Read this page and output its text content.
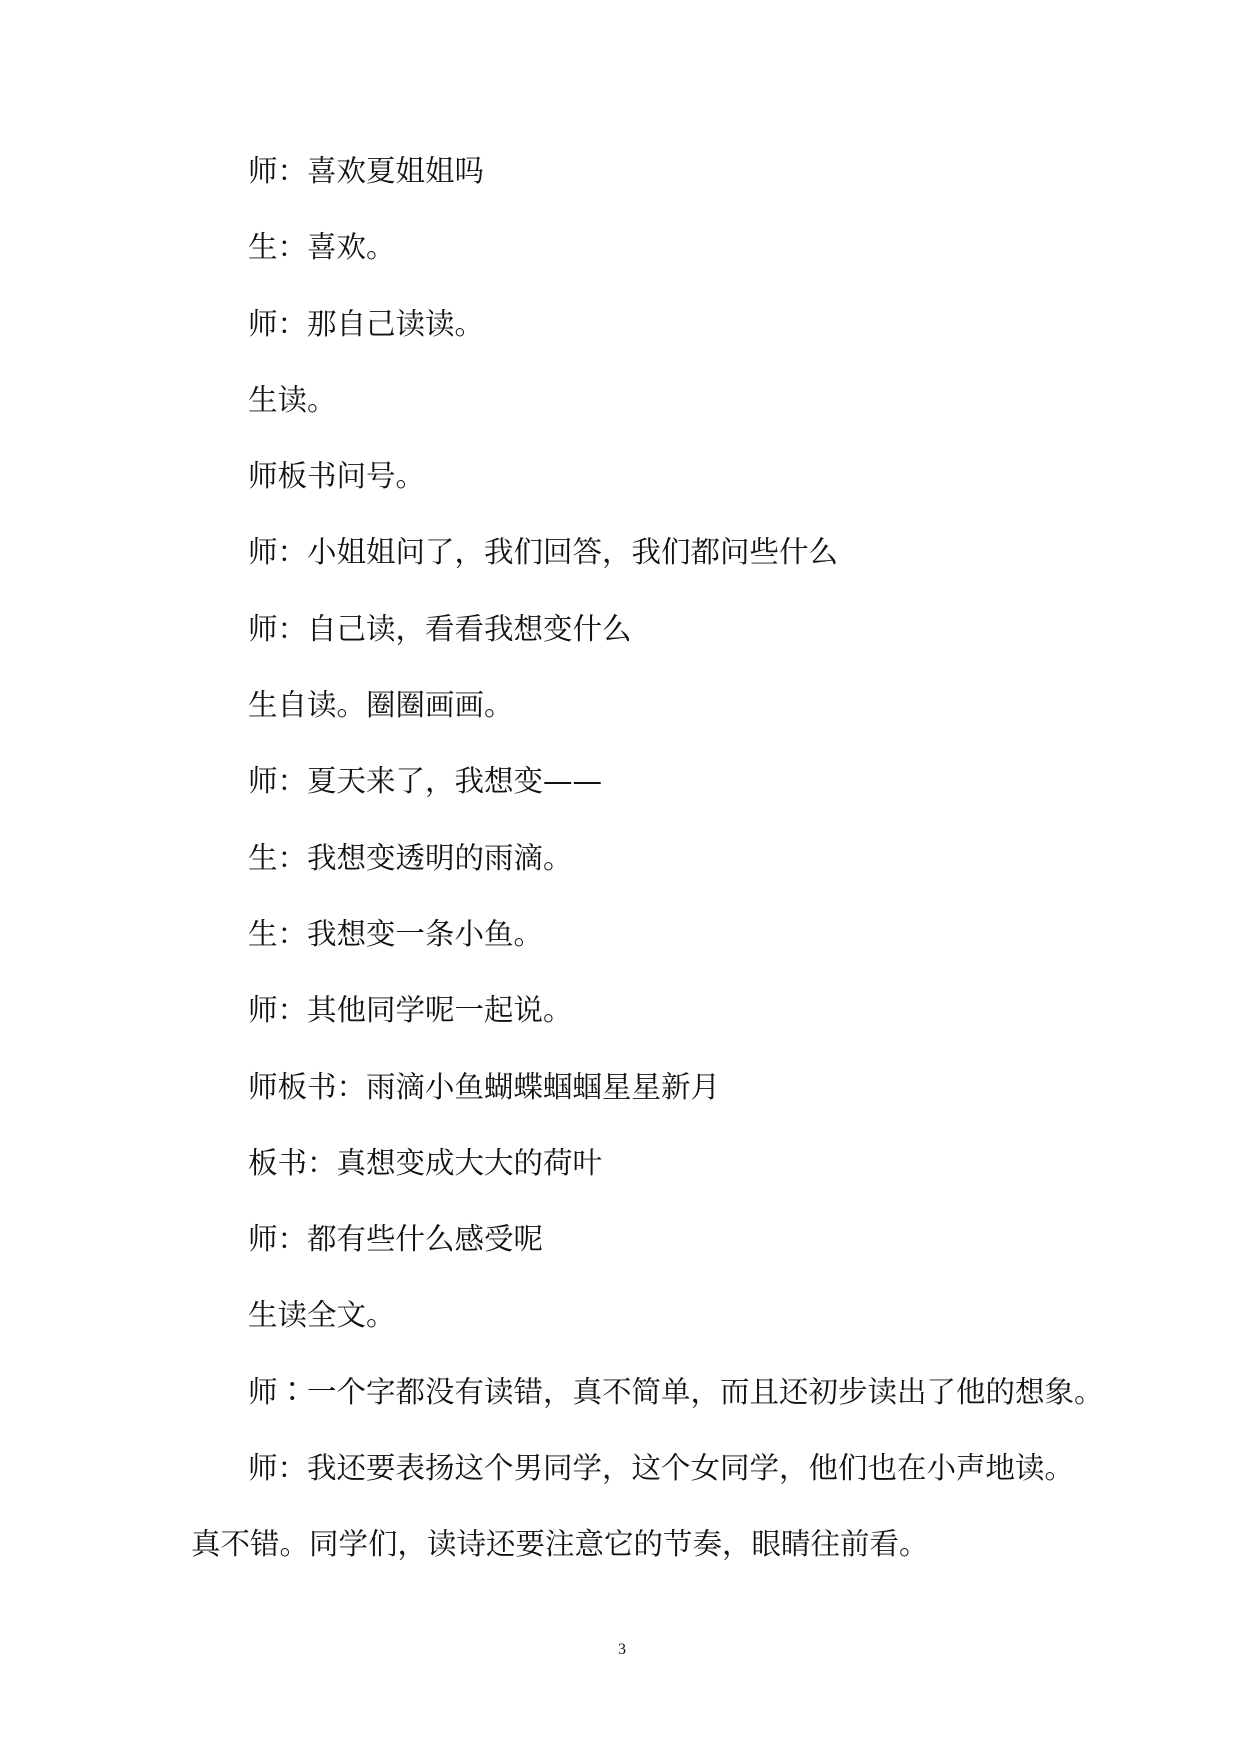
师：喜欢夏姐姐吗
生：喜欢。
师：那自己读读。
生读。
师板书问号。
师：小姐姐问了，我们回答，我们都问些什么
师：自己读，看看我想变什么
生自读。圈圈画画。
师：夏天来了，我想变——
生：我想变透明的雨滴。
生：我想变一条小鱼。
师：其他同学呢一起说。
师板书：雨滴小鱼蝴蝶蝈蝈星星新月
板书：真想变成大大的荷叶
师：都有些什么感受呢
生读全文。
师∶一个字都没有读错，真不简单，而且还初步读出了他的想象。
师：我还要表扬这个男同学，这个女同学，他们也在小声地读。
真不错。同学们，读诗还要注意它的节奏，眼睛往前看。
3
